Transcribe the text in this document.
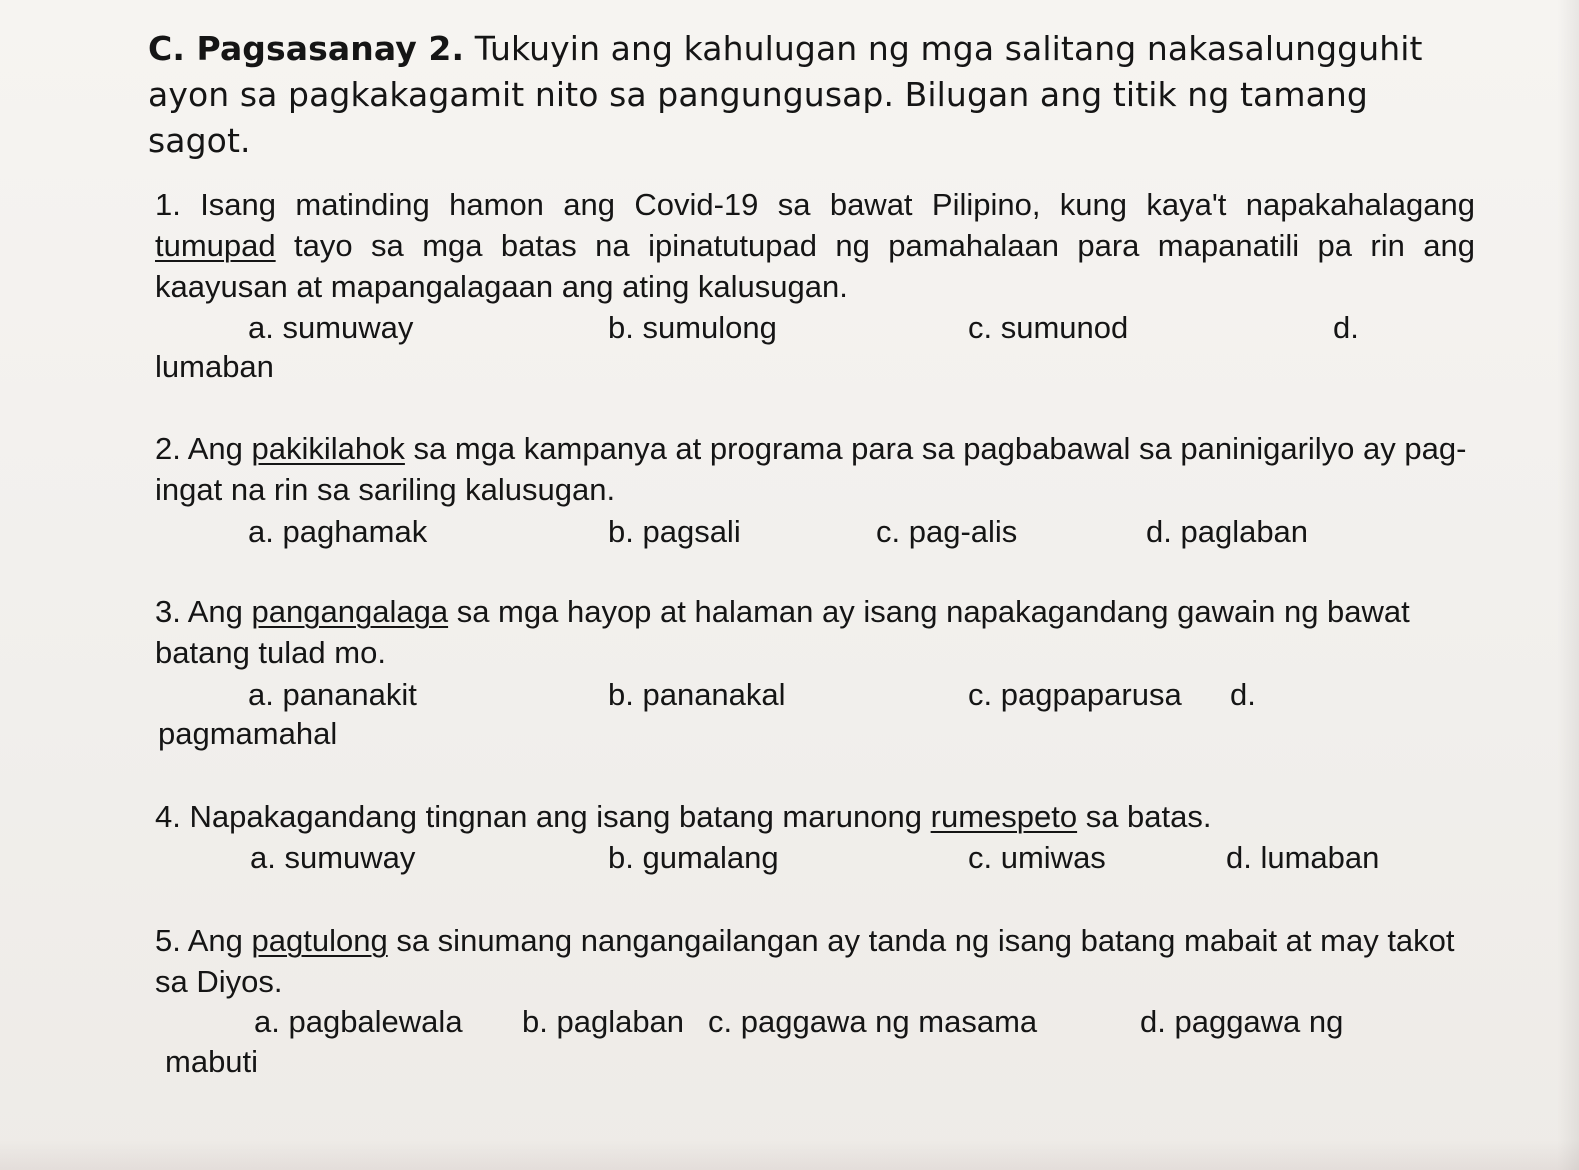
C. Pagsasanay 2. Tukuyin ang kahulugan ng mga salitang nakasalungguhit ayon sa pagkakagamit nito sa pangungusap. Bilugan ang titik ng tamang sagot.

1. Isang matinding hamon ang Covid-19 sa bawat Pilipino, kung kaya't napakahalagang tumupad tayo sa mga batas na ipinatutupad ng pamahalaan para mapanatili pa rin ang kaayusan at mapangalagaan ang ating kalusugan.

a. sumuway	b. sumulong	c. sumunod	d.

lumaban

2. Ang pakikilahok sa mga kampanya at programa para sa pagbabawal sa paninigarilyo ay pag-ingat na rin sa sariling kalusugan.

a. paghamak	b. pagsali	c. pag-alis	d. paglaban

3. Ang pangangalaga sa mga hayop at halaman ay isang napakagandang gawain ng bawat batang tulad mo.

a. pananakit	b. pananakal	c. pagpaparusa d.

pagmamahal

4. Napakagandang tingnan ang isang batang marunong rumespeto sa batas.

a. sumuway	b. gumalang	c. umiwas	d. lumaban

5. Ang pagtulong sa sinumang nangangailangan ay tanda ng isang batang mabait at may takot sa Diyos.

a. pagbalewala b. paglaban c. paggawa ng masama	d. paggawa ng

mabuti
